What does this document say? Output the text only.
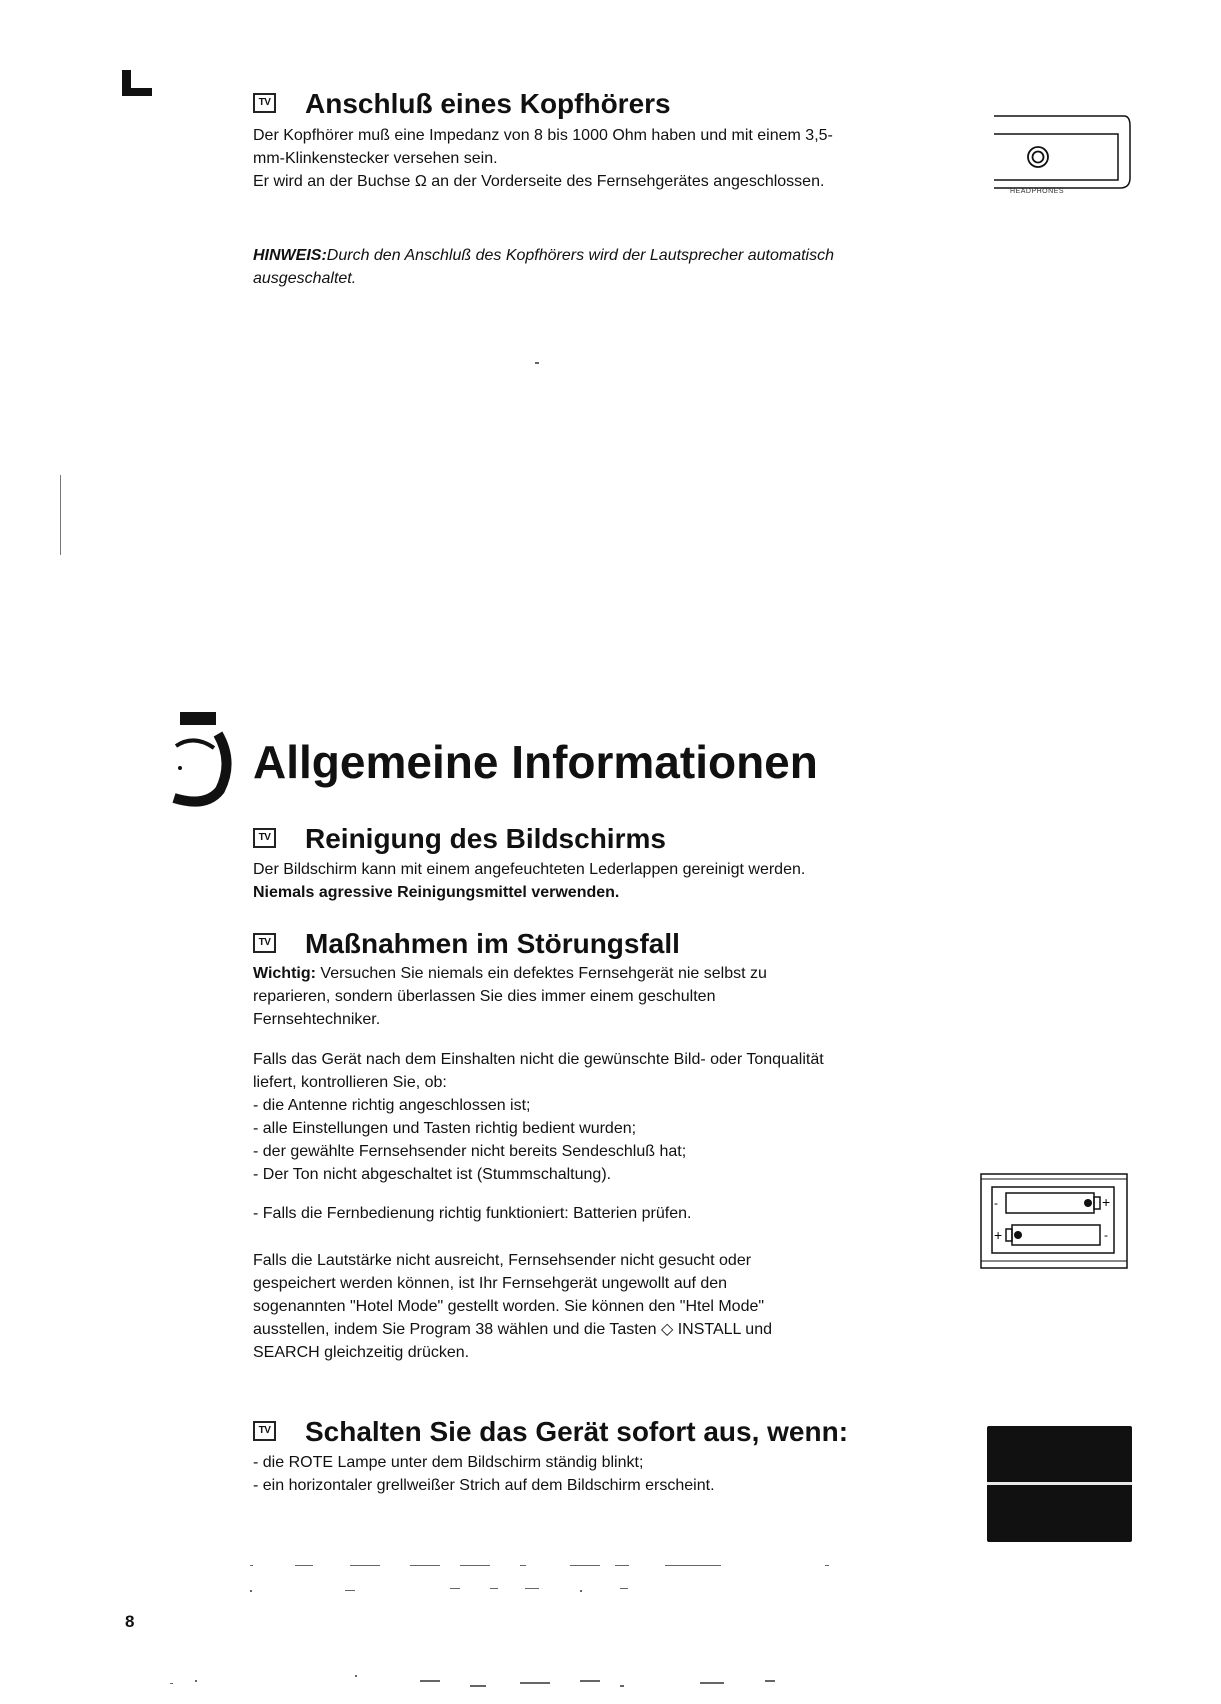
TV Anschluß eines Kopfhörers

Der Kopfhörer muß eine Impedanz von 8 bis 1000 Ohm haben und mit einem 3,5-

mm-Klinkenstecker versehen sein.

Er wird an der Buchse Ω an der Vorderseite des Fernsehgerätes angeschlossen.

HINWEIS:Durch den Anschluß des Kopfhörers wird der Lautsprecher automatisch

ausgeschaltet.

HEADPHONES
Allgemeine Informationen
TV Reinigung des Bildschirms

Der Bildschirm kann mit einem angefeuchteten Lederlappen gereinigt werden.

Niemals agressive Reinigungsmittel verwenden.

TV Maßnahmen im Störungsfall

Wichtig: Versuchen Sie niemals ein defektes Fernsehgerät nie selbst zu

reparieren, sondern überlassen Sie dies immer einem geschulten

Fernsehtechniker.

Falls das Gerät nach dem Einshalten nicht die gewünschte Bild- oder Tonqualität

liefert, kontrollieren Sie, ob:

- die Antenne richtig angeschlossen ist;

- alle Einstellungen und Tasten richtig bedient wurden;

- der gewählte Fernsehsender nicht bereits Sendeschluß hat;

- Der Ton nicht abgeschaltet ist (Stummschaltung).

- Falls die Fernbedienung richtig funktioniert: Batterien prüfen.

Falls die Lautstärke nicht ausreicht, Fernsehsender nicht gesucht oder

gespeichert werden können, ist Ihr Fernsehgerät ungewollt auf den

sogenannten "Hotel Mode" gestellt worden. Sie können den "Htel Mode"

ausstellen, indem Sie Program 38 wählen und die Tasten ◇ INSTALL und

SEARCH gleichzeitig drücken.

-	+
+	-
TV Schalten Sie das Gerät sofort aus, wenn:

- die ROTE Lampe unter dem Bildschirm ständig blinkt;

- ein horizontaler grellweißer Strich auf dem Bildschirm erscheint.

8
